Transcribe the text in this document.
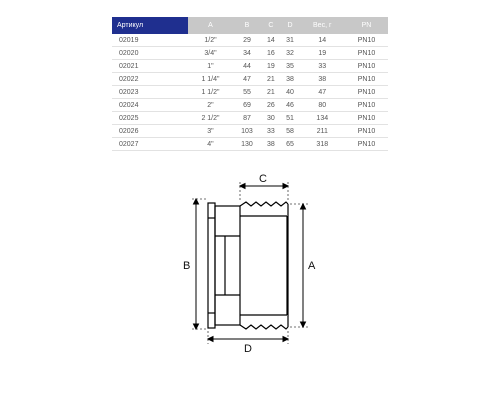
Артикул	A	B	C	D	Вес, г	PN
02019	1/2"	29	14	31	14	PN10
02020	3/4"	34	16	32	19	PN10
02021	1"	44	19	35	33	PN10
02022	1 1/4"	47	21	38	38	PN10
02023	1 1/2"	55	21	40	47	PN10
02024	2"	69	26	46	80	PN10
02025	2 1/2"	87	30	51	134	PN10
02026	3"	103	33	58	211	PN10
02027	4"	130	38	65	318	PN10
C
B	A
D
